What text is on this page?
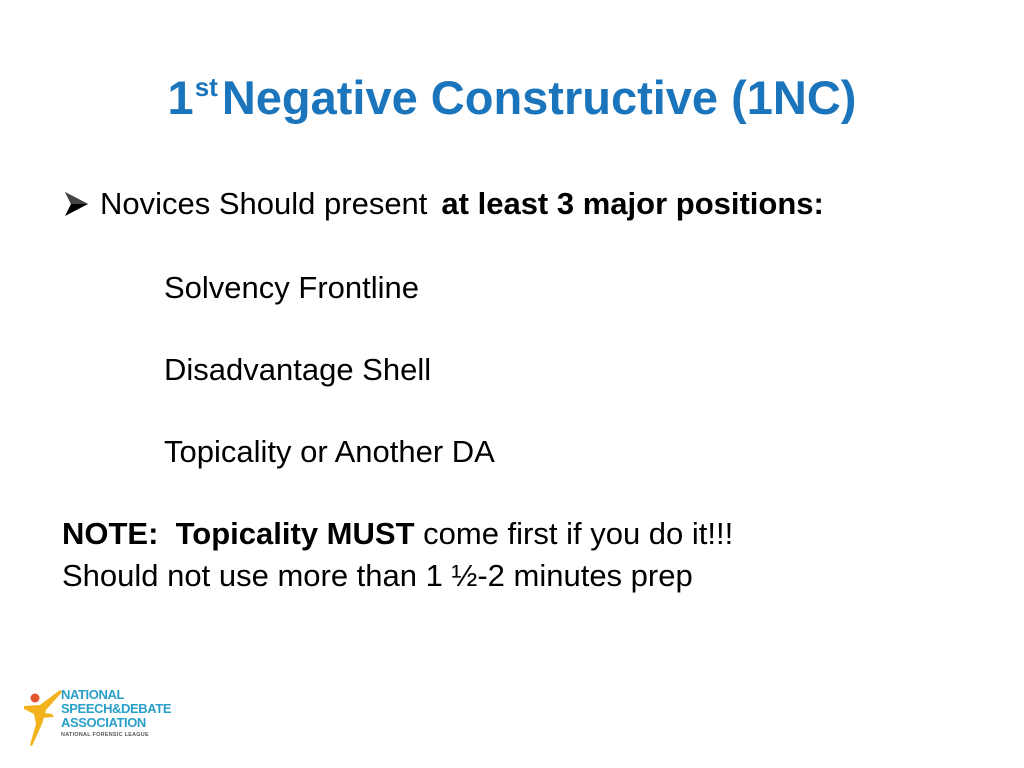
1stNegative Constructive (1NC)
Novices Should present at least 3 major positions:
Solvency Frontline
Disadvantage Shell
Topicality or Another DA
NOTE: Topicality MUST come first if you do it!!!
Should not use more than 1 ½-2 minutes prep
NATIONAL
SPEECH&DEBATE
ASSOCIATION
NATIONAL FORENSIC LEAGUE
